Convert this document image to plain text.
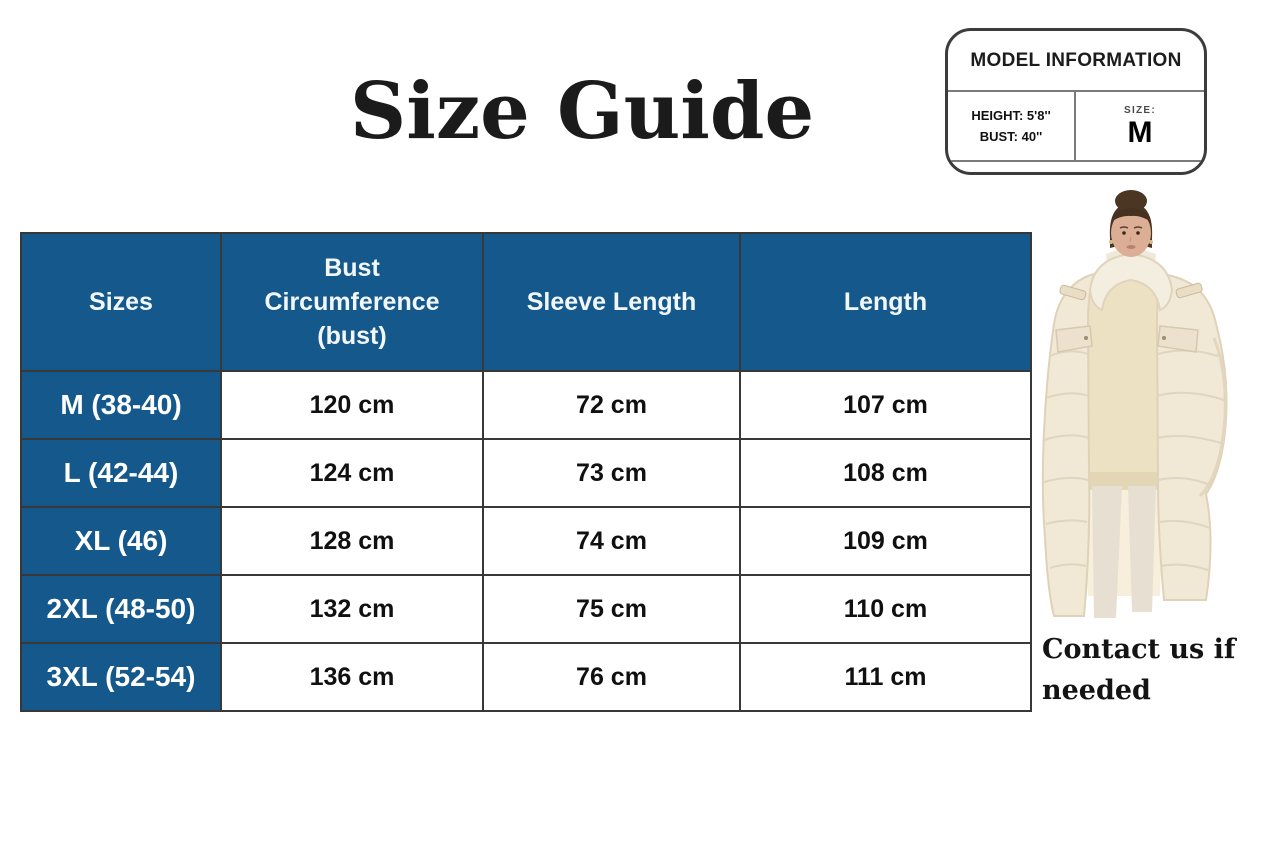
Size Guide
MODEL INFORMATION
HEIGHT: 5'8''
BUST: 40''
SIZE:
M
Sizes	Bust Circumference (bust)	Sleeve Length	Length
M (38-40)	120 cm	72 cm	107 cm
L (42-44)	124 cm	73 cm	108 cm
XL (46)	128 cm	74 cm	109 cm
2XL (48-50)	132 cm	75 cm	110 cm
3XL (52-54)	136 cm	76 cm	111 cm
Contact us if needed
